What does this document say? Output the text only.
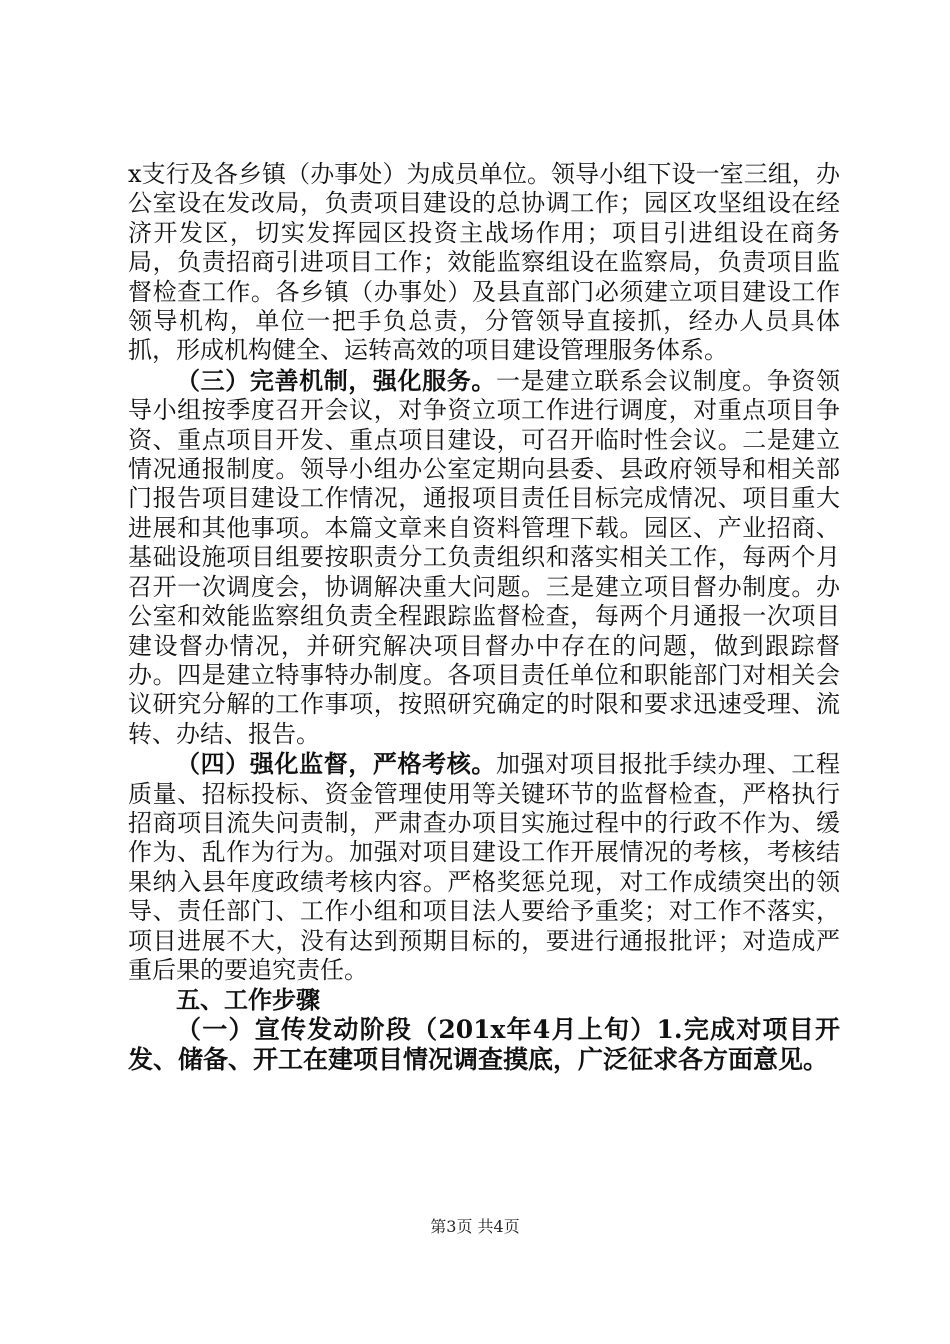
x支行及各乡镇（办事处）为成员单位。领导小组下设一室三组，办公室设在发改局，负责项目建设的总协调工作；园区攻坚组设在经济开发区，切实发挥园区投资主战场作用；项目引进组设在商务局，负责招商引进项目工作；效能监察组设在监察局，负责项目监督检查工作。各乡镇（办事处）及县直部门必须建立项目建设工作领导机构，单位一把手负总责，分管领导直接抓，经办人员具体抓，形成机构健全、运转高效的项目建设管理服务体系。

（三）完善机制，强化服务。一是建立联系会议制度。争资领导小组按季度召开会议，对争资立项工作进行调度，对重点项目争资、重点项目开发、重点项目建设，可召开临时性会议。二是建立情况通报制度。领导小组办公室定期向县委、县政府领导和相关部门报告项目建设工作情况，通报项目责任目标完成情况、项目重大进展和其他事项。本篇文章来自资料管理下载。园区、产业招商、基础设施项目组要按职责分工负责组织和落实相关工作，每两个月召开一次调度会，协调解决重大问题。三是建立项目督办制度。办公室和效能监察组负责全程跟踪监督检查，每两个月通报一次项目建设督办情况，并研究解决项目督办中存在的问题，做到跟踪督办。四是建立特事特办制度。各项目责任单位和职能部门对相关会议研究分解的工作事项，按照研究确定的时限和要求迅速受理、流转、办结、报告。

（四）强化监督，严格考核。加强对项目报批手续办理、工程质量、招标投标、资金管理使用等关键环节的监督检查，严格执行招商项目流失问责制，严肃查办项目实施过程中的行政不作为、缓作为、乱作为行为。加强对项目建设工作开展情况的考核，考核结果纳入县年度政绩考核内容。严格奖惩兑现，对工作成绩突出的领导、责任部门、工作小组和项目法人要给予重奖；对工作不落实，项目进展不大，没有达到预期目标的，要进行通报批评；对造成严重后果的要追究责任。

五、工作步骤

（一）宣传发动阶段（201x年4月上旬）1.完成对项目开发、储备、开工在建项目情况调查摸底，广泛征求各方面意见。

第3页 共4页
